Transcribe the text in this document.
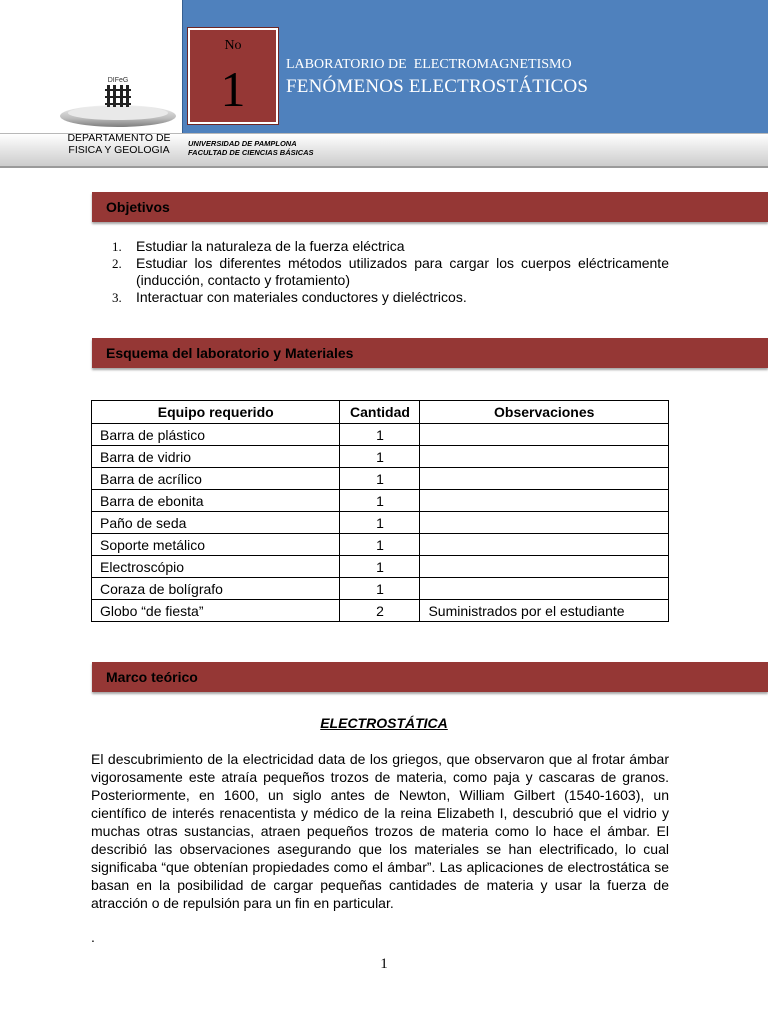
No
1	LABORATORIO DE  ELECTROMAGNETISMO
FENÓMENOS ELECTROSTÁTICOS
DIFeG
DEPARTAMENTO DE
FISICA Y GEOLOGIA
UNIVERSIDAD DE PAMPLONA
FACULTAD DE CIENCIAS BÁSICAS
Objetivos
1. Estudiar la naturaleza de la fuerza eléctrica
2. Estudiar los diferentes métodos utilizados para cargar los cuerpos eléctricamente (inducción, contacto y frotamiento)
3. Interactuar con materiales conductores y dieléctricos.
Esquema del laboratorio y Materiales
Equipo requerido	Cantidad	Observaciones
Barra de plástico	1	
Barra de vidrio	1	
Barra de acrílico	1	
Barra de ebonita	1	
Paño de seda	1	
Soporte metálico	1	
Electroscópio	1	
Coraza de bolígrafo	1	
Globo “de fiesta”	2	Suministrados por el estudiante
Marco teórico
ELECTROSTÁTICA
El descubrimiento de la electricidad data de los griegos, que observaron que al frotar ámbar vigorosamente este atraía pequeños trozos de materia, como paja y cascaras de granos. Posteriormente, en 1600, un siglo antes de Newton, William Gilbert (1540-1603), un científico de interés renacentista y médico de la reina Elizabeth I, descubrió que el vidrio y muchas otras sustancias, atraen pequeños trozos de materia como lo hace el ámbar. El describió las observaciones asegurando que los materiales se han electrificado, lo cual significaba “que obtenían propiedades como el ámbar”. Las aplicaciones de electrostática se basan en la posibilidad de cargar pequeñas cantidades de materia y usar la fuerza de atracción o de repulsión para un fin en particular.
.
1
